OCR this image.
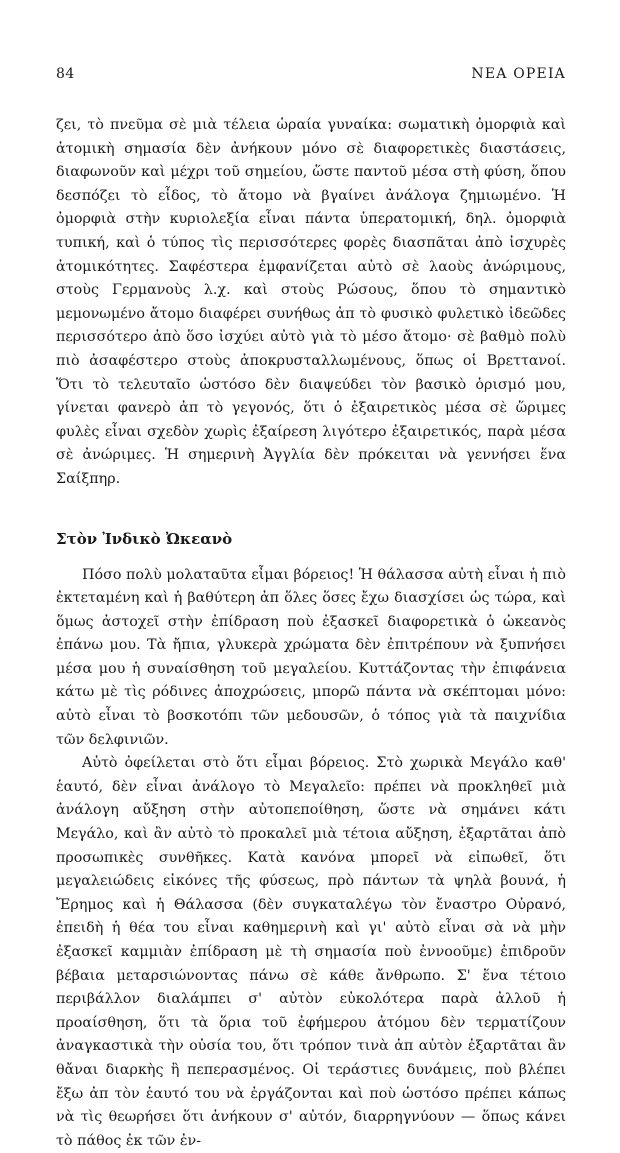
84	ΝΕΑ ΟΡΕΙΑ

ζει, τὸ πνεῦμα σὲ μιὰ τέλεια ὡραία γυναίκα: σωματικὴ ὀμορφιὰ καὶ ἀτομικὴ σημασία δὲν ἀνήκουν μόνο σὲ διαφορετικὲς διαστάσεις, διαφωνοῦν καὶ μέχρι τοῦ σημείου, ὥστε παντοῦ μέσα στὴ φύση, ὅπου δεσπόζει τὸ εἶδος, τὸ ἄτομο νὰ βγαίνει ἀνάλογα ζημιωμένο. Ἡ ὀμορφιὰ στὴν κυριολεξία εἶναι πάντα ὑπερατομική, δηλ. ὀμορφιὰ τυπική, καὶ ὁ τύπος τὶς περισσότερες φορὲς διασπᾶται ἀπὸ ἰσχυρὲς ἀτομικότητες. Σαφέστερα ἐμφανίζεται αὐτὸ σὲ λαοὺς ἀνώριμους, στοὺς Γερμανοὺς λ.χ. καὶ στοὺς Ρώσους, ὅπου τὸ σημαντικὸ μεμονωμένο ἄτομο διαφέρει συνήθως ἀπ τὸ φυσικὸ φυλετικὸ ἰδεῶδες περισσότερο ἀπὸ ὅσο ἰσχύει αὐτὸ γιὰ τὸ μέσο ἄτομο· σὲ βαθμὸ πολὺ πιὸ ἀσαφέστερο στοὺς ἀποκρυσταλλωμένους, ὅπως οἱ Βρεττανοί. Ὅτι τὸ τελευταῖο ὡστόσο δὲν διαψεύδει τὸν βασικὸ ὁρισμό μου, γίνεται φανερὸ ἀπ τὸ γεγονός, ὅτι ὁ ἐξαιρετικὸς μέσα σὲ ὥριμες φυλὲς εἶναι σχεδὸν χωρὶς ἐξαίρεση λιγότερο ἐξαιρετικός, παρὰ μέσα σὲ ἀνώριμες. Ἡ σημερινὴ Ἀγγλία δὲν πρόκειται νὰ γεννήσει ἕνα Σαίξπηρ.

Στὸν Ἰνδικὸ Ὠκεανὸ

Πόσο πολὺ μολαταῦτα εἶμαι βόρειος! Ἡ θάλασσα αὐτὴ εἶναι ἡ πιὸ ἐκτεταμένη καὶ ἡ βαθύτερη ἀπ ὅλες ὅσες ἔχω διασχίσει ὡς τώρα, καὶ ὅμως ἀστοχεῖ στὴν ἐπίδραση ποὺ ἐξασκεῖ διαφορετικὰ ὁ ὠκεανὸς ἐπάνω μου. Τὰ ἤπια, γλυκερὰ χρώματα δὲν ἐπιτρέπουν νὰ ξυπνήσει μέσα μου ἡ συναίσθηση τοῦ μεγαλείου. Κυττάζοντας τὴν ἐπιφάνεια κάτω μὲ τὶς ρόδινες ἀποχρώσεις, μπορῶ πάντα νὰ σκέπτομαι μόνο: αὐτὸ εἶναι τὸ βοσκοτόπι τῶν μεδουσῶν, ὁ τόπος γιὰ τὰ παιχνίδια τῶν δελφινιῶν.

Αὐτὸ ὀφείλεται στὸ ὅτι εἶμαι βόρειος. Στὸ χωρικὰ Μεγάλο καθ' ἑαυτό, δὲν εἶναι ἀνάλογο τὸ Μεγαλεῖο: πρέπει νὰ προκληθεῖ μιὰ ἀνάλογη αὔξηση στὴν αὐτοπεποίθηση, ὥστε νὰ σημάνει κάτι Μεγάλο, καὶ ἂν αὐτὸ τὸ προκαλεῖ μιὰ τέτοια αὔξηση, ἐξαρτᾶται ἀπὸ προσωπικὲς συνθῆκες. Κατὰ κανόνα μπορεῖ νὰ εἰπωθεῖ, ὅτι μεγαλειώδεις εἰκόνες τῆς φύσεως, πρὸ πάντων τὰ ψηλὰ βουνά, ἡ Ἔρημος καὶ ἡ Θάλασσα (δὲν συγκαταλέγω τὸν ἔναστρο Οὐρανό, ἐπειδὴ ἡ θέα του εἶναι καθημερινὴ καὶ γι' αὐτὸ εἶναι σὰ νὰ μὴν ἐξασκεῖ καμμιὰν ἐπίδραση μὲ τὴ σημασία ποὺ ἐννοοῦμε) ἐπιδροῦν βέβαια μεταρσιώνοντας πάνω σὲ κάθε ἄνθρωπο. Σ' ἕνα τέτοιο περιβάλλον διαλάμπει σ' αὐτὸν εὐκολότερα παρὰ ἀλλοῦ ἡ προαίσθηση, ὅτι τὰ ὅρια τοῦ ἐφήμερου ἀτόμου δὲν τερματίζουν ἀναγκαστικὰ τὴν οὐσία του, ὅτι τρόπον τινὰ ἀπ αὐτὸν ἐξαρτᾶται ἂν θἄναι διαρκὴς ἢ πεπερασμένος. Οἱ τεράστιες δυνάμεις, ποὺ βλέπει ἔξω ἀπ τὸν ἑαυτό του νὰ ἐργάζονται καὶ ποὺ ὡστόσο πρέπει κάπως νὰ τὶς θεωρήσει ὅτι ἀνήκουν σ' αὐτόν, διαρρηγνύουν — ὅπως κάνει τὸ πάθος ἐκ τῶν ἐν-
